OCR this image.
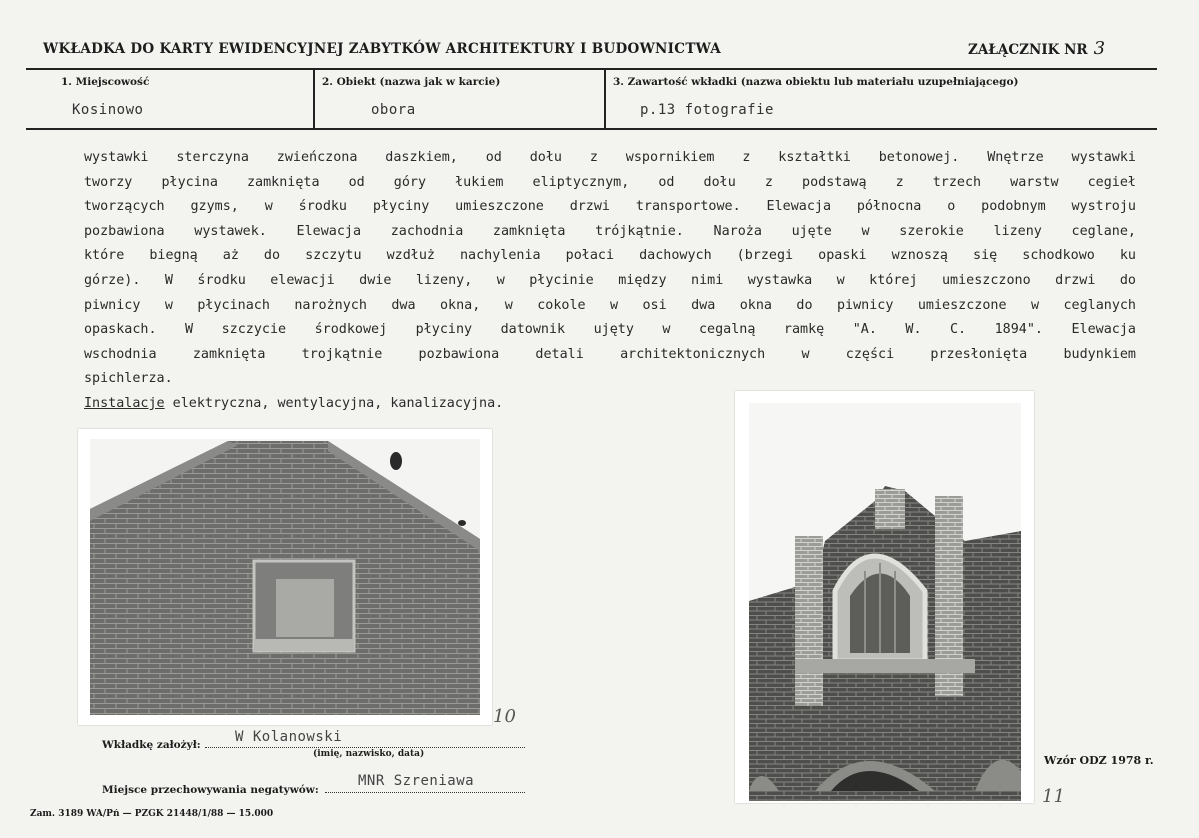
WKŁADKA DO KARTY EWIDENCYJNEJ ZABYTKÓW ARCHITEKTURY I BUDOWNICTWA	ZAŁĄCZNIK NR 3
1. Miejscowość
Kosinowo
2. Obiekt (nazwa jak w karcie)
obora
3. Zawartość wkładki (nazwa obiektu lub materiału uzupełniającego)
p.13 fotografie
wystawki sterczyna zwieńczona daszkiem, od dołu z wspornikiem z kształtki betonowej. Wnętrze wystawki
tworzy płycina zamknięta od góry łukiem eliptycznym, od dołu z podstawą z trzech warstw cegieł
tworzących gzyms, w środku płyciny umieszczone drzwi transportowe. Elewacja północna o podobnym wystroju
pozbawiona wystawek. Elewacja zachodnia zamknięta trójkątnie. Naroża ujęte w szerokie lizeny ceglane,
które biegną aż do szczytu wzdłuż nachylenia połaci dachowych (brzegi opaski wznoszą się schodkowo ku
górze). W środku elewacji dwie lizeny, w płycinie między nimi wystawka w której umieszczono drzwi do
piwnicy w płycinach narożnych dwa okna, w cokole w osi dwa okna do piwnicy umieszczone w ceglanych
opaskach. W szczycie środkowej płyciny datownik ujęty w cegalną ramkę "A. W. C. 1894". Elewacja
wschodnia zamknięta trojkątnie pozbawiona detali architektonicznych w części przesłonięta budynkiem
spichlerza.
Instalacje elektryczna, wentylacyjna, kanalizacyjna.
10
11
Wkładkę założył: W Kolanowski
(imię, nazwisko, data)
Miejsce przechowywania negatywów:
MNR Szreniawa
Wzór ODZ 1978 r.
Zam. 3189 WA/Pń — PZGK 21448/1/88 — 15.000
